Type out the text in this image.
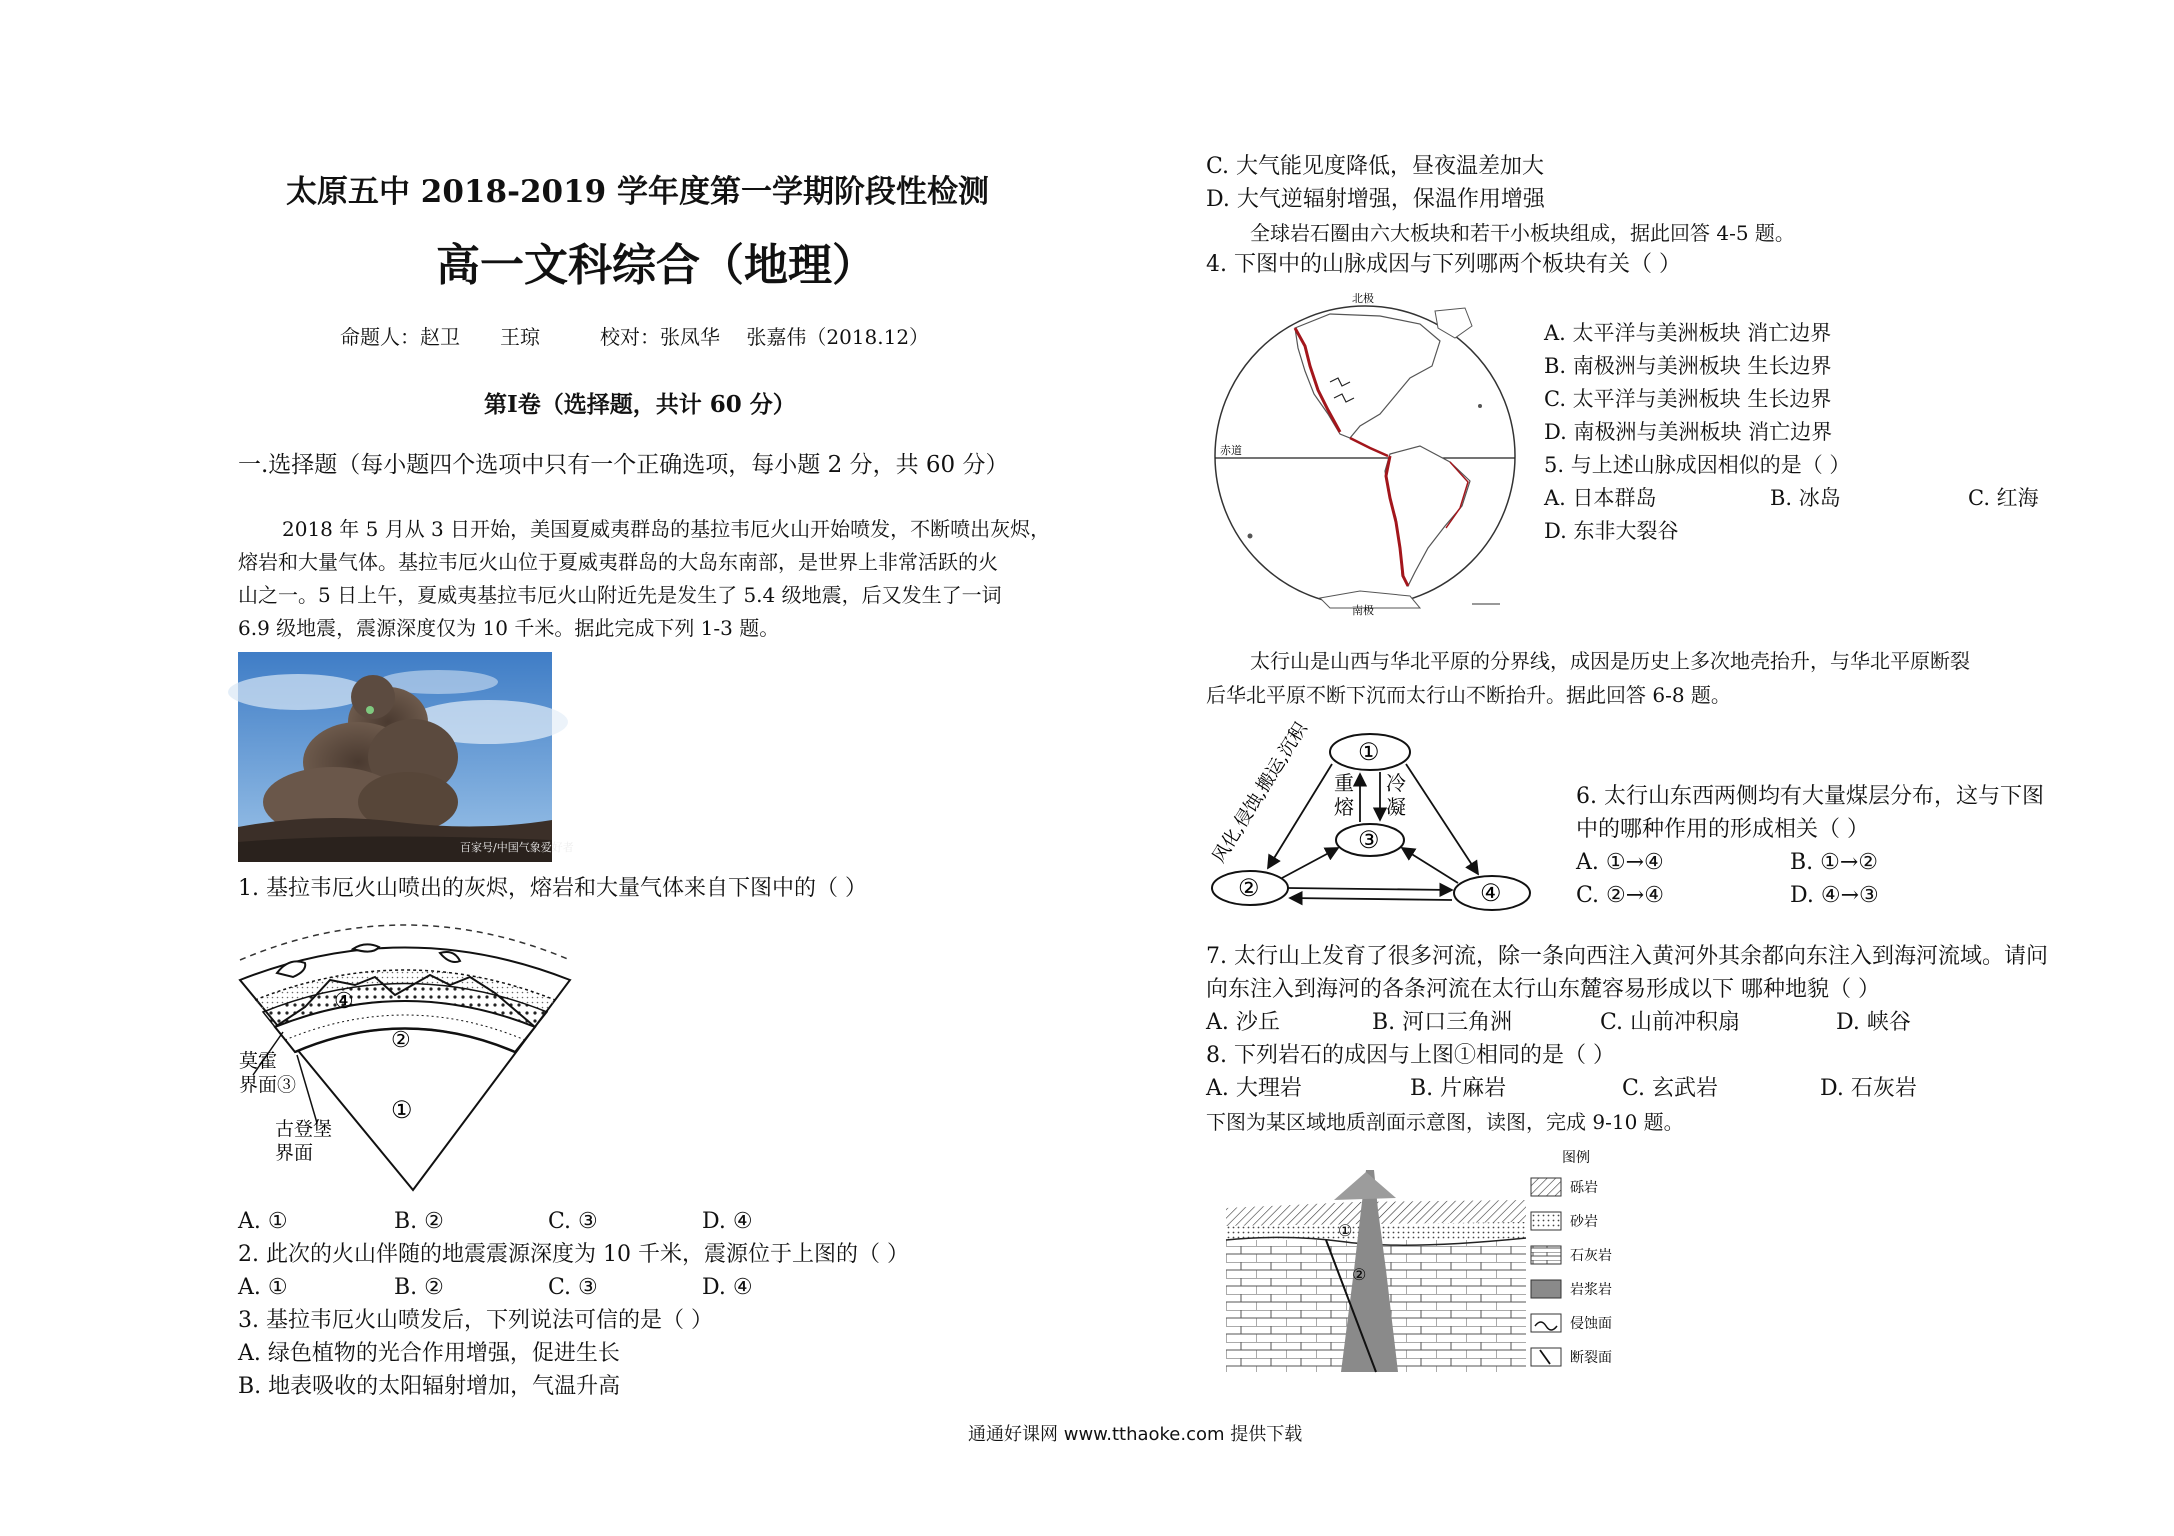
太原五中 2018-2019 学年度第一学期阶段性检测
高一文科综合（地理）
命题人：赵卫　　王琼　　　校对：张凤华　 张嘉伟（2018.12）
第Ⅰ卷（选择题，共计 60 分）
一.选择题（每小题四个选项中只有一个正确选项，每小题 2 分，共 60 分）
2018 年 5 月从 3 日开始，美国夏威夷群岛的基拉韦厄火山开始喷发，不断喷出灰烬，
熔岩和大量气体。基拉韦厄火山位于夏威夷群岛的大岛东南部，是世界上非常活跃的火
山之一。5 日上午，夏威夷基拉韦厄火山附近先是发生了 5.4 级地震，后又发生了一词
6.9 级地震，震源深度仅为 10 千米。据此完成下列 1-3 题。
百家号/中国气象爱好者
1. 基拉韦厄火山喷出的灰烬，熔岩和大量气体来自下图中的（ ）
④
②
①
莫霍
界面③
古登堡
界面
A. ①	B. ②	C. ③	D. ④
2. 此次的火山伴随的地震震源深度为 10 千米，震源位于上图的（ ）
A. ①	B. ②	C. ③	D. ④
3. 基拉韦厄火山喷发后，下列说法可信的是（ ）
A. 绿色植物的光合作用增强，促进生长
B. 地表吸收的太阳辐射增加，气温升高
C. 大气能见度降低，昼夜温差加大
D. 大气逆辐射增强，保温作用增强
全球岩石圈由六大板块和若干小板块组成，据此回答 4-5 题。
4. 下图中的山脉成因与下列哪两个板块有关（ ）
北极
南极
赤道
A. 太平洋与美洲板块 消亡边界
B. 南极洲与美洲板块 生长边界
C. 太平洋与美洲板块 生长边界
D. 南极洲与美洲板块 消亡边界
5. 与上述山脉成因相似的是（ ）
A. 日本群岛	B. 冰岛	C. 红海
D. 东非大裂谷
太行山是山西与华北平原的分界线，成因是历史上多次地壳抬升，与华北平原断裂
后华北平原不断下沉而太行山不断抬升。据此回答 6-8 题。
①
③
②	④
重
熔
冷
凝
风化,侵蚀,搬运,沉积	6. 太行山东西两侧均有大量煤层分布，这与下图
中的哪种作用的形成相关（ ）
A. ①→④	B. ①→②
C. ②→④	D. ④→③
7. 太行山上发育了很多河流，除一条向西注入黄河外其余都向东注入到海河流域。请问
向东注入到海河的各条河流在太行山东麓容易形成以下 哪种地貌（ ）
A. 沙丘	B. 河口三角洲	C. 山前冲积扇	D. 峡谷
8. 下列岩石的成因与上图①相同的是（ ）
A. 大理岩	B. 片麻岩	C. 玄武岩	D. 石灰岩
下图为某区域地质剖面示意图，读图，完成 9-10 题。
①
②
图例
砾岩
砂岩
石灰岩
岩浆岩
侵蚀面
断裂面
通通好课网 www.tthaoke.com 提供下载
